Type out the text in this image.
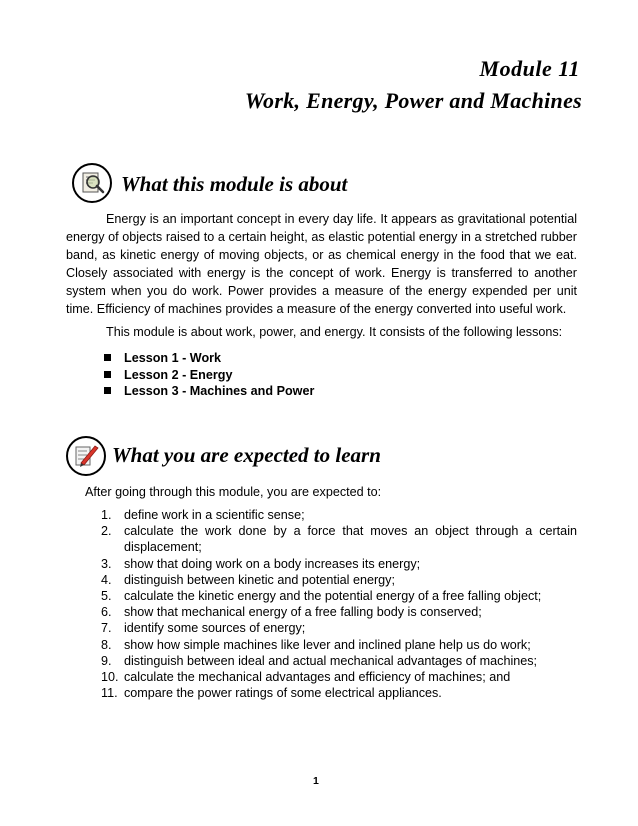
Module 11
Work, Energy, Power and Machines
What this module is about

Energy is an important concept in every day life. It appears as gravitational potential energy of objects raised to a certain height, as elastic potential energy in a stretched rubber band, as kinetic energy of moving objects, or as chemical energy in the food that we eat. Closely associated with energy is the concept of work. Energy is transferred to another system when you do work. Power provides a measure of the energy expended per unit time. Efficiency of machines provides a measure of the energy converted into useful work.

This module is about work, power, and energy. It consists of the following lessons:

Lesson 1 - Work
Lesson 2 - Energy
Lesson 3 - Machines and Power
What you are expected to learn

After going through this module, you are expected to:

1. define work in a scientific sense;
2. calculate the work done by a force that moves an object through a certain displacement;
3. show that doing work on a body increases its energy;
4. distinguish between kinetic and potential energy;
5. calculate the kinetic energy and the potential energy of a free falling object;
6. show that mechanical energy of a free falling body is conserved;
7. identify some sources of energy;
8. show how simple machines like lever and inclined plane help us do work;
9. distinguish between ideal and actual mechanical advantages of machines;
10. calculate the mechanical advantages and efficiency of machines; and
11. compare the power ratings of some electrical appliances.
1
